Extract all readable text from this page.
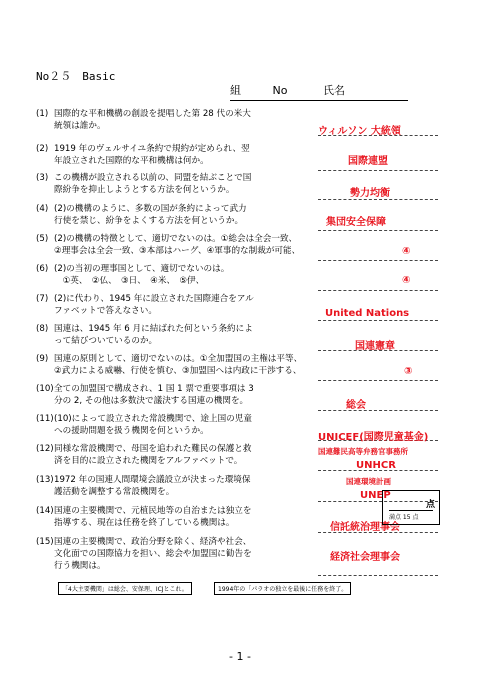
No２５　Basic
組	No	氏名
(1) 国際的な平和機構の創設を提唱した第 28 代の米大
統領は誰か。	ウィルソン 大統領
(2) 1919 年のヴェルサイユ条約で規約が定められ、翌
年設立された国際的な平和機構は何か。	国際連盟
(3) この機構が設立される以前の、同盟を結ぶことで国
際紛争を抑止しようとする方法を何というか。	勢力均衡
(4) (2)の機構のように、多数の国が条約によって武力
行使を禁じ、紛争をよくする方法を何というか。	集団安全保障
(5) (2)の機構の特徴として、適切でないのは。①総会は全会一致、
②理事会は全会一致、③本部はハーグ、④軍事的な制裁が可能、	④
(6) (2)の当初の理事国として、適切でないのは。
　①英、　②仏、　③日、　④米、　⑤伊、	④
(7) (2)に代わり、1945 年に設立された国際連合をアル
ファベットで答えなさい。	United Nations
(8) 国連は、1945 年 6 月に結ばれた何という条約によ
って結びついているのか。	国連憲章
(9) 国連の原則として、適切でないのは。①全加盟国の主権は平等、
②武力による威嚇、行使を慎む、③加盟国へは内政に干渉する、	③
(10) 全ての加盟国で構成され、1 国 1 票で重要事項は 3
分の 2, その他は多数決で議決する国連の機関を。	総会
(11) (10)によって設立された常設機関で、途上国の児童
への援助問題を扱う機関を何というか。
UNICEF(国際児童基金)
(12) 同様な常設機関で、母国を追われた難民の保護と救
済を目的に設立された機関をアルファベットで。
国連難民高等弁務官事務所
UNHCR
(13) 1972 年の国連人間環境会議設立が決まった環境保
護活動を調整する常設機関を。
国連環境計画
UNEP
(14) 国連の主要機関で、元植民地等の自治または独立を
指導する、現在は任務を終了している機関は。	信託統治理事会
(15) 国連の主要機関で、政治分野を除く、経済や社会、
文化面での国際協力を担い、総会や加盟国に勧告を
行う機関は。
経済社会理事会
「4大主要機関」は総会、安保理、ICJとこれ。	1994年の「パラオの独立を最後に任務を終了。
点
満点 15 点
- 1 -
